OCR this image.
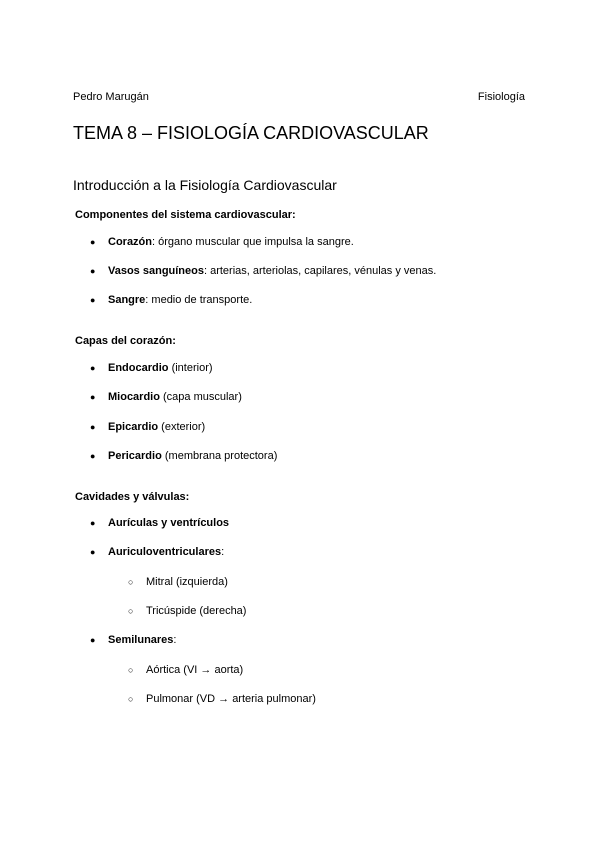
Pedro Marugán	Fisiología
TEMA 8 – FISIOLOGÍA CARDIOVASCULAR
Introducción a la Fisiología Cardiovascular

Componentes del sistema cardiovascular:

● Corazón: órgano muscular que impulsa la sangre.
● Vasos sanguíneos: arterias, arteriolas, capilares, vénulas y venas.
● Sangre: medio de transporte.

Capas del corazón:

● Endocardio (interior)
● Miocardio (capa muscular)
● Epicardio (exterior)
● Pericardio (membrana protectora)

Cavidades y válvulas:

● Aurículas y ventrículos
● Auriculoventriculares:
○ Mitral (izquierda)
○ Tricúspide (derecha)
● Semilunares:
○ Aórtica (VI → aorta)
○ Pulmonar (VD → arteria pulmonar)
